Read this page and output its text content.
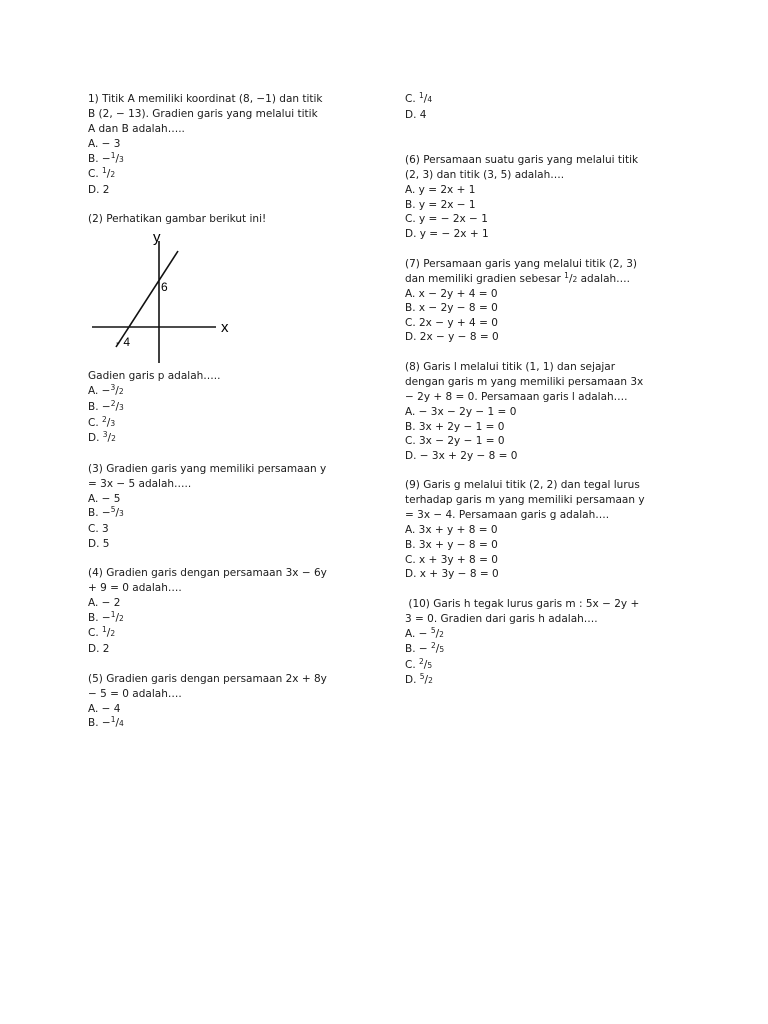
1) Titik A memiliki koordinat (8, −1) dan titik B (2, − 13). Gradien garis yang melalui titik A dan B adalah…..
A. − 3
B. −$^1$/3
C. $^1$/2
D. 2
(2) Perhatikan gambar berikut ini!
y
x
6
- 4
Gadien garis p adalah…..
A. −$^3$/2
B. −$^2$/3
C. $^2$/3
D. $^3$/2
(3) Gradien garis yang memiliki persamaan y = 3x − 5 adalah…..
A. − 5
B. −$^5$/3
C. 3
D. 5
(4) Gradien garis dengan persamaan 3x − 6y + 9 = 0 adalah….
A. − 2
B. −$^1$/2
C. $^1$/2
D. 2
(5) Gradien garis dengan persamaan 2x + 8y − 5 = 0 adalah….
A. − 4
B. −$^1$/4
C. $^1$/4
D. 4
(6) Persamaan suatu garis yang melalui titik (2, 3) dan titik (3, 5) adalah….
A. y = 2x + 1
B. y = 2x − 1
C. y = − 2x − 1
D. y = − 2x + 1
(7) Persamaan garis yang melalui titik (2, 3) dan memiliki gradien sebesar $^1$/2 adalah….
A. x − 2y + 4 = 0
B. x − 2y − 8 = 0
C. 2x − y + 4 = 0
D. 2x − y − 8 = 0
(8) Garis l melalui titik (1, 1) dan sejajar dengan garis m yang memiliki persamaan 3x − 2y + 8 = 0. Persamaan garis l adalah….
A. − 3x − 2y − 1 = 0
B. 3x + 2y − 1 = 0
C. 3x − 2y − 1 = 0
D. − 3x + 2y − 8 = 0
(9) Garis g melalui titik (2, 2) dan tegal lurus terhadap garis m yang memiliki persamaan y = 3x − 4. Persamaan garis g adalah….
A. 3x + y + 8 = 0
B. 3x + y − 8 = 0
C. x + 3y + 8 = 0
D. x + 3y − 8 = 0
(10) Garis h tegak lurus garis m : 5x − 2y + 3 = 0. Gradien dari garis h adalah….
A. − $^5$/2
B. − $^2$/5
C. $^2$/5
D. $^5$/2
